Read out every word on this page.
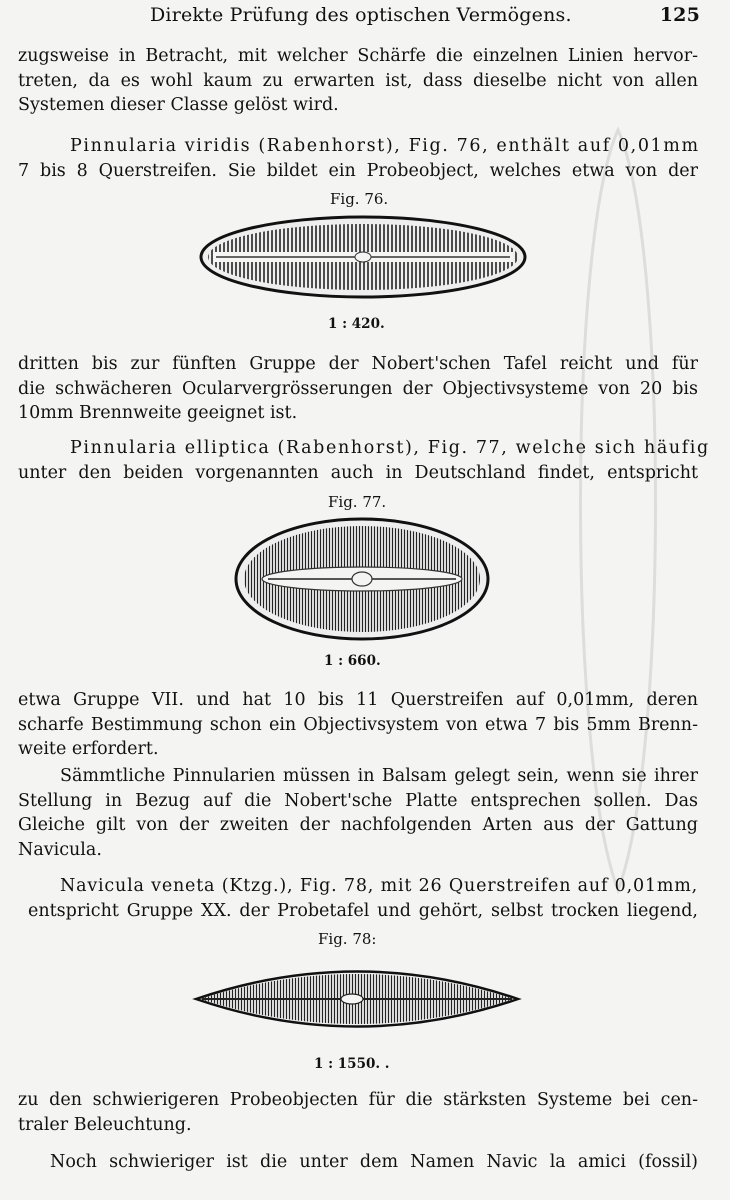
Direkte Prüfung des optischen Vermögens.	125
zugsweise in Betracht, mit welcher Schärfe die einzelnen Linien hervor-
treten, da es wohl kaum zu erwarten ist, dass dieselbe nicht von allen
Systemen dieser Classe gelöst wird.
Pinnularia viridis (Rabenhorst), Fig. 76, enthält auf 0,01mm
7 bis 8 Querstreifen. Sie bildet ein Probeobject, welches etwa von der
Fig. 76.
1 : 420.
dritten bis zur fünften Gruppe der Nobert'schen Tafel reicht und für
die schwächeren Ocularvergrösserungen der Objectivsysteme von 20 bis
10mm Brennweite geeignet ist.
Pinnularia elliptica (Rabenhorst), Fig. 77, welche sich häufig
unter den beiden vorgenannten auch in Deutschland findet, entspricht
Fig. 77.
1 : 660.
etwa Gruppe VII. und hat 10 bis 11 Querstreifen auf 0,01mm, deren
scharfe Bestimmung schon ein Objectivsystem von etwa 7 bis 5mm Brenn-
weite erfordert.
Sämmtliche Pinnularien müssen in Balsam gelegt sein, wenn sie ihrer
Stellung in Bezug auf die Nobert'sche Platte entsprechen sollen. Das
Gleiche gilt von der zweiten der nachfolgenden Arten aus der Gattung
Navicula.
Navicula veneta (Ktzg.), Fig. 78, mit 26 Querstreifen auf 0,01mm,
entspricht Gruppe XX. der Probetafel und gehört, selbst trocken liegend,
Fig. 78:
1 : 1550. .
zu den schwierigeren Probeobjecten für die stärksten Systeme bei cen-
traler Beleuchtung.
Noch schwieriger ist die unter dem Namen Navic la amici (fossil)
